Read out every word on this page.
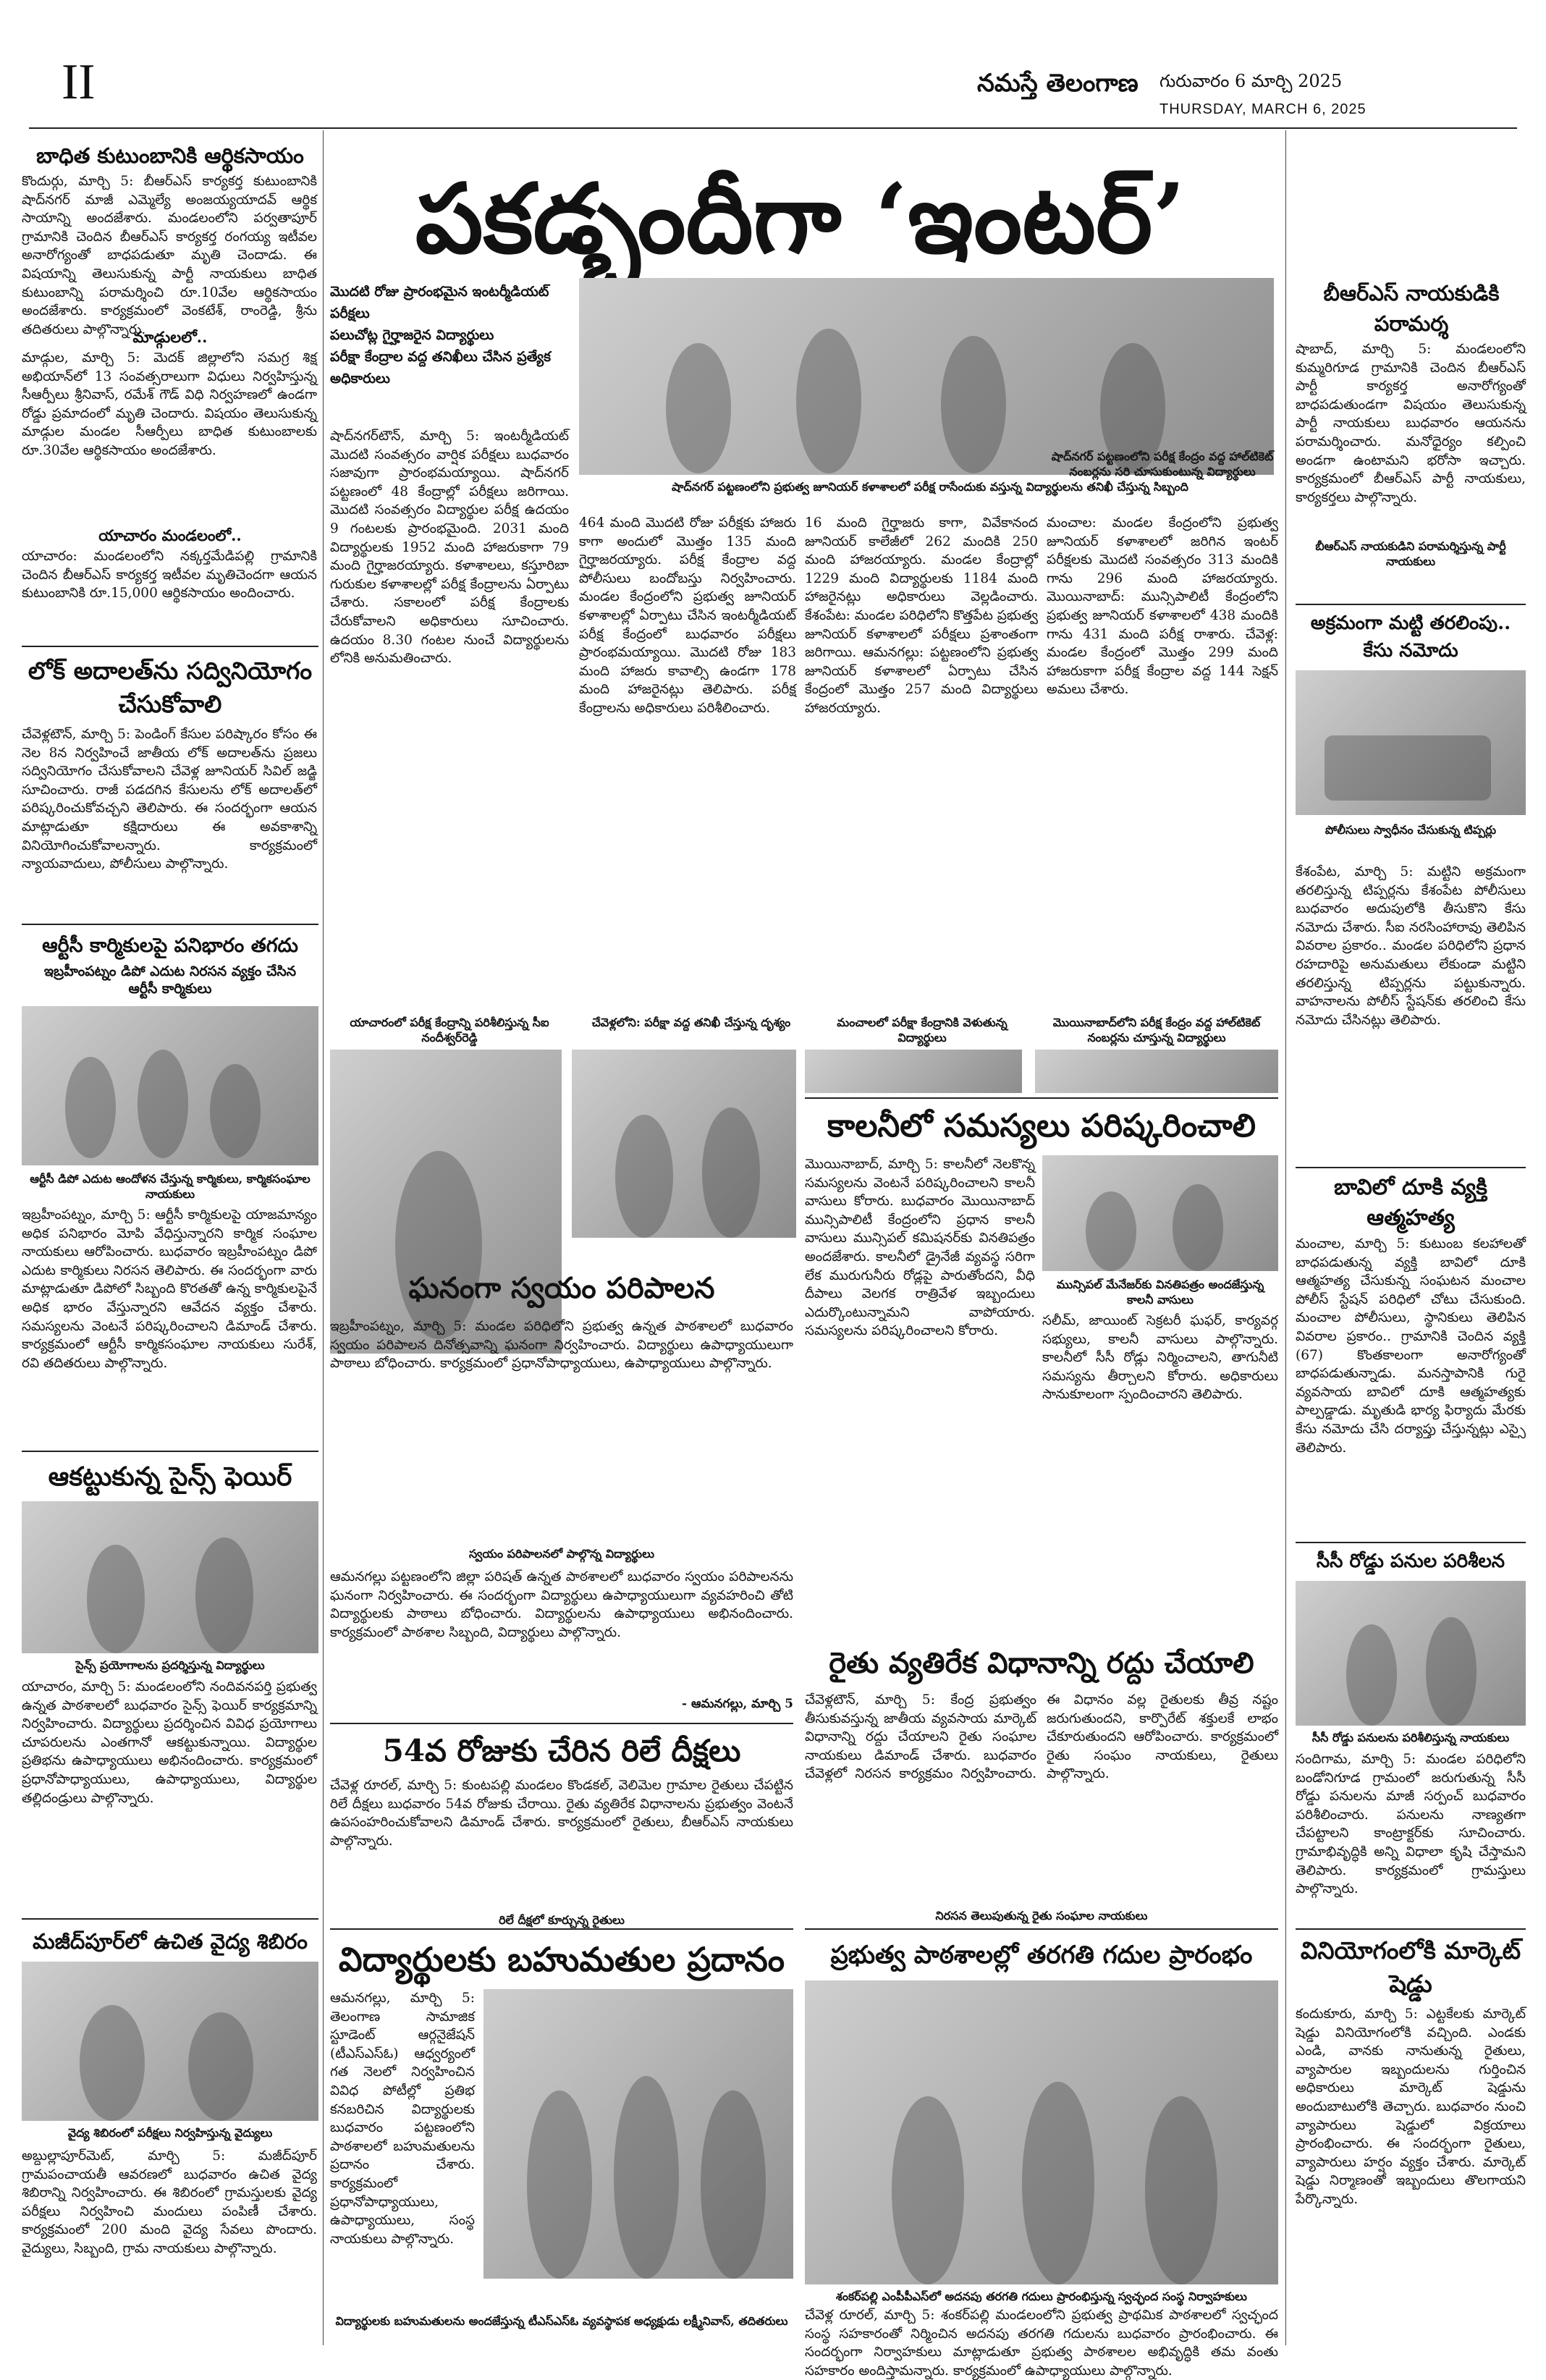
II	నమస్తే తెలంగాణ గురువారం 6 మార్చి 2025
THURSDAY, MARCH 6, 2025
బాధిత కుటుంబానికి ఆర్థికసాయం
కొందుర్గు, మార్చి 5: బీఆర్ఎస్ కార్యకర్త కుటుంబానికి షాద్‌నగర్ మాజీ ఎమ్మెల్యే అంజయ్యయాదవ్ ఆర్థిక సాయాన్ని అందజేశారు. మండలంలోని పర్వతాపూర్ గ్రామానికి చెందిన బీఆర్ఎస్ కార్యకర్త రంగయ్య ఇటీవల అనారోగ్యంతో బాధపడుతూ మృతి చెందాడు. ఈ విషయాన్ని తెలుసుకున్న పార్టీ నాయకులు బాధిత కుటుంబాన్ని పరామర్శించి రూ.10వేల ఆర్థికసాయం అందజేశారు. కార్యక్రమంలో వెంకటేశ్, రాంరెడ్డి, శ్రీను తదితరులు పాల్గొన్నారు.
మాడ్గులలో..
మాడ్గుల, మార్చి 5: మెదక్ జిల్లాలోని సమగ్ర శిక్ష అభియాన్‌లో 13 సంవత్సరాలుగా విధులు నిర్వహిస్తున్న సీఆర్పీలు శ్రీనివాస్, రమేశ్ గౌడ్ విధి నిర్వహణలో ఉండగా రోడ్డు ప్రమాదంలో మృతి చెందారు. విషయం తెలుసుకున్న మాడ్గుల మండల సీఆర్పీలు బాధిత కుటుంబాలకు రూ.30వేల ఆర్థికసాయం అందజేశారు.
యాచారం మండలంలో..
యాచారం: మండలంలోని నక్కర్తమేడిపల్లి గ్రామానికి చెందిన బీఆర్ఎస్ కార్యకర్త ఇటీవల మృతిచెందగా ఆయన కుటుంబానికి రూ.15,000 ఆర్థికసాయం అందించారు.
లోక్ అదాలత్‌ను సద్వినియోగం చేసుకోవాలి
చేవెళ్లటౌన్, మార్చి 5: పెండింగ్ కేసుల పరిష్కారం కోసం ఈ నెల 8న నిర్వహించే జాతీయ లోక్ అదాలత్‌ను ప్రజలు సద్వినియోగం చేసుకోవాలని చేవెళ్ల జూనియర్ సివిల్ జడ్జి సూచించారు. రాజీ పడదగిన కేసులను లోక్ అదాలత్‌లో పరిష్కరించుకోవచ్చని తెలిపారు. ఈ సందర్భంగా ఆయన మాట్లాడుతూ కక్షిదారులు ఈ అవకాశాన్ని వినియోగించుకోవాలన్నారు. కార్యక్రమంలో న్యాయవాదులు, పోలీసులు పాల్గొన్నారు.
ఆర్టీసీ కార్మికులపై పనిభారం తగదు
ఇబ్రహీంపట్నం డిపో ఎదుట నిరసన వ్యక్తం చేసిన ఆర్టీసీ కార్మికులు
ఆర్టీసీ డిపో ఎదుట ఆందోళన చేస్తున్న కార్మికులు, కార్మికసంఘాల నాయకులు
ఇబ్రహీంపట్నం, మార్చి 5: ఆర్టీసీ కార్మికులపై యాజమాన్యం అధిక పనిభారం మోపి వేధిస్తున్నారని కార్మిక సంఘాల నాయకులు ఆరోపించారు. బుధవారం ఇబ్రహీంపట్నం డిపో ఎదుట కార్మికులు నిరసన తెలిపారు. ఈ సందర్భంగా వారు మాట్లాడుతూ డిపోలో సిబ్బంది కొరతతో ఉన్న కార్మికులపైనే అధిక భారం వేస్తున్నారని ఆవేదన వ్యక్తం చేశారు. సమస్యలను వెంటనే పరిష్కరించాలని డిమాండ్ చేశారు. కార్యక్రమంలో ఆర్టీసీ కార్మికసంఘాల నాయకులు సురేశ్, రవి తదితరులు పాల్గొన్నారు.
ఆకట్టుకున్న సైన్స్ ఫెయిర్
సైన్స్ ప్రయోగాలను ప్రదర్శిస్తున్న విద్యార్థులు
యాచారం, మార్చి 5: మండలంలోని నందివనపర్తి ప్రభుత్వ ఉన్నత పాఠశాలలో బుధవారం సైన్స్ ఫెయిర్ కార్యక్రమాన్ని నిర్వహించారు. విద్యార్థులు ప్రదర్శించిన వివిధ ప్రయోగాలు చూపరులను ఎంతగానో ఆకట్టుకున్నాయి. విద్యార్థుల ప్రతిభను ఉపాధ్యాయులు అభినందించారు. కార్యక్రమంలో ప్రధానోపాధ్యాయులు, ఉపాధ్యాయులు, విద్యార్థుల తల్లిదండ్రులు పాల్గొన్నారు.
మజీద్‌పూర్‌లో ఉచిత వైద్య శిబిరం
వైద్య శిబిరంలో పరీక్షలు నిర్వహిస్తున్న వైద్యులు
అబ్దుల్లాపూర్‌మెట్, మార్చి 5: మజీద్‌పూర్ గ్రామపంచాయతీ ఆవరణలో బుధవారం ఉచిత వైద్య శిబిరాన్ని నిర్వహించారు. ఈ శిబిరంలో గ్రామస్తులకు వైద్య పరీక్షలు నిర్వహించి మందులు పంపిణీ చేశారు. కార్యక్రమంలో 200 మంది వైద్య సేవలు పొందారు. వైద్యులు, సిబ్బంది, గ్రామ నాయకులు పాల్గొన్నారు.
పకడ్బందీగా ‘ఇంటర్’
మొదటి రోజు ప్రారంభమైన ఇంటర్మీడియట్ పరీక్షలు
పలుచోట్ల గైర్హాజరైన విద్యార్థులు
పరీక్షా కేంద్రాల వద్ద తనిఖీలు చేసిన ప్రత్యేక అధికారులు
షాద్‌నగర్ పట్టణంలోని ప్రభుత్వ జూనియర్ కళాశాలలో పరీక్ష రాసేందుకు వస్తున్న విద్యార్థులను తనిఖీ చేస్తున్న సిబ్బంది
షాద్‌నగర్‌టౌన్, మార్చి 5: ఇంటర్మీడియట్ మొదటి సంవత్సరం వార్షిక పరీక్షలు బుధవారం సజావుగా ప్రారంభమయ్యాయి. షాద్‌నగర్ పట్టణంలో 48 కేంద్రాల్లో పరీక్షలు జరిగాయి. మొదటి సంవత్సరం విద్యార్థుల పరీక్ష ఉదయం 9 గంటలకు ప్రారంభమైంది. 2031 మంది విద్యార్థులకు 1952 మంది హాజరుకాగా 79 మంది గైర్హాజరయ్యారు. కళాశాలలు, కస్తూరిబా గురుకుల కళాశాలల్లో పరీక్ష కేంద్రాలను ఏర్పాటు చేశారు. సకాలంలో పరీక్ష కేంద్రాలకు చేరుకోవాలని అధికారులు సూచించారు. ఉదయం 8.30 గంటల నుంచే విద్యార్థులను లోనికి అనుమతించారు.
464 మంది మొదటి రోజు పరీక్షకు హాజరు కాగా అందులో మొత్తం 135 మంది గైర్హాజరయ్యారు. పరీక్ష కేంద్రాల వద్ద పోలీసులు బందోబస్తు నిర్వహించారు. మండల కేంద్రంలోని ప్రభుత్వ జూనియర్ కళాశాలల్లో ఏర్పాటు చేసిన ఇంటర్మీడియట్ పరీక్ష కేంద్రంలో బుధవారం పరీక్షలు ప్రారంభమయ్యాయి. మొదటి రోజు 183 మంది హాజరు కావాల్సి ఉండగా 178 మంది హాజరైనట్లు తెలిపారు. పరీక్ష కేంద్రాలను అధికారులు పరిశీలించారు.
16 మంది గైర్హాజరు కాగా, వివేకానంద జూనియర్ కాలేజీలో 262 మందికి 250 మంది హాజరయ్యారు. మండల కేంద్రాల్లో 1229 మంది విద్యార్థులకు 1184 మంది హాజరైనట్లు అధికారులు వెల్లడించారు. కేశంపేట: మండల పరిధిలోని కొత్తపేట ప్రభుత్వ జూనియర్ కళాశాలలో పరీక్షలు ప్రశాంతంగా జరిగాయి. ఆమనగల్లు: పట్టణంలోని ప్రభుత్వ జూనియర్ కళాశాలలో ఏర్పాటు చేసిన కేంద్రంలో మొత్తం 257 మంది విద్యార్థులు హాజరయ్యారు.
షాద్‌నగర్ పట్టణంలోని పరీక్ష కేంద్రం వద్ద హాల్‌టికెట్ నంబర్లను సరి చూసుకుంటున్న విద్యార్థులు
మంచాల: మండల కేంద్రంలోని ప్రభుత్వ జూనియర్ కళాశాలలో జరిగిన ఇంటర్ పరీక్షలకు మొదటి సంవత్సరం 313 మందికి గాను 296 మంది హాజరయ్యారు. మొయినాబాద్: మున్సిపాలిటీ కేంద్రంలోని ప్రభుత్వ జూనియర్ కళాశాలలో 438 మందికి గాను 431 మంది పరీక్ష రాశారు. చేవెళ్ల: మండల కేంద్రంలో మొత్తం 299 మంది హాజరుకాగా పరీక్ష కేంద్రాల వద్ద 144 సెక్షన్ అమలు చేశారు.
యాచారంలో పరీక్ష కేంద్రాన్ని పరిశీలిస్తున్న సీఐ నందీశ్వర్‌రెడ్డి
చేవెళ్లలోని: పరీక్షా వద్ద తనిఖీ చేస్తున్న దృశ్యం	మంచాలలో పరీక్షా కేంద్రానికి వెళుతున్న విద్యార్థులు
మొయినాబాద్‌లోని పరీక్ష కేంద్రం వద్ద హాల్‌టికెట్ నంబర్లను చూస్తున్న విద్యార్థులు
కాలనీలో సమస్యలు పరిష్కరించాలి
మొయినాబాద్, మార్చి 5: కాలనీలో నెలకొన్న సమస్యలను వెంటనే పరిష్కరించాలని కాలనీ వాసులు కోరారు. బుధవారం మొయినాబాద్ మున్సిపాలిటీ కేంద్రంలోని ప్రధాన కాలనీ వాసులు మున్సిపల్ కమిషనర్‌కు వినతిపత్రం అందజేశారు. కాలనీలో డ్రైనేజీ వ్యవస్థ సరిగా లేక మురుగునీరు రోడ్లపై పారుతోందని, వీధి దీపాలు వెలగక రాత్రివేళ ఇబ్బందులు ఎదుర్కొంటున్నామని వాపోయారు. సమస్యలను పరిష్కరించాలని కోరారు.
మున్సిపల్ మేనేజర్‌కు వినతిపత్రం అందజేస్తున్న కాలనీ వాసులు
సలీమ్, జాయింట్ సెక్రటరీ ఘఫర్, కార్యవర్గ సభ్యులు, కాలనీ వాసులు పాల్గొన్నారు. కాలనీలో సీసీ రోడ్లు నిర్మించాలని, తాగునీటి సమస్యను తీర్చాలని కోరారు. అధికారులు సానుకూలంగా స్పందించారని తెలిపారు.
ఘనంగా స్వయం పరిపాలన
ఇబ్రహీంపట్నం, మార్చి 5: మండల పరిధిలోని ప్రభుత్వ ఉన్నత పాఠశాలలో బుధవారం స్వయం పరిపాలన దినోత్సవాన్ని ఘనంగా నిర్వహించారు. విద్యార్థులు ఉపాధ్యాయులుగా పాఠాలు బోధించారు. కార్యక్రమంలో ప్రధానోపాధ్యాయులు, ఉపాధ్యాయులు పాల్గొన్నారు.
స్వయం పరిపాలనలో పాల్గొన్న విద్యార్థులు
ఆమనగల్లు పట్టణంలోని జిల్లా పరిషత్ ఉన్నత పాఠశాలలో బుధవారం స్వయం పరిపాలనను ఘనంగా నిర్వహించారు. ఈ సందర్భంగా విద్యార్థులు ఉపాధ్యాయులుగా వ్యవహరించి తోటి విద్యార్థులకు పాఠాలు బోధించారు. విద్యార్థులను ఉపాధ్యాయులు అభినందించారు. కార్యక్రమంలో పాఠశాల సిబ్బంది, విద్యార్థులు పాల్గొన్నారు.
- ఆమనగల్లు, మార్చి 5
54వ రోజుకు చేరిన రిలే దీక్షలు
చేవెళ్ల రూరల్, మార్చి 5: కుంటపల్లి మండలం కొండకల్, వెలిమెల గ్రామాల రైతులు చేపట్టిన రిలే దీక్షలు బుధవారం 54వ రోజుకు చేరాయి. రైతు వ్యతిరేక విధానాలను ప్రభుత్వం వెంటనే ఉపసంహరించుకోవాలని డిమాండ్ చేశారు. కార్యక్రమంలో రైతులు, బీఆర్ఎస్ నాయకులు పాల్గొన్నారు.
రిలే దీక్షలో కూర్చున్న రైతులు
రైతు వ్యతిరేక విధానాన్ని రద్దు చేయాలి
చేవెళ్లటౌన్, మార్చి 5: కేంద్ర ప్రభుత్వం తీసుకువస్తున్న జాతీయ వ్యవసాయ మార్కెట్ విధానాన్ని రద్దు చేయాలని రైతు సంఘాల నాయకులు డిమాండ్ చేశారు. బుధవారం చేవెళ్లలో నిరసన కార్యక్రమం నిర్వహించారు. ఈ విధానం వల్ల రైతులకు తీవ్ర నష్టం జరుగుతుందని, కార్పొరేట్ శక్తులకే లాభం చేకూరుతుందని ఆరోపించారు. కార్యక్రమంలో రైతు సంఘం నాయకులు, రైతులు పాల్గొన్నారు.
నిరసన తెలుపుతున్న రైతు సంఘాల నాయకులు
విద్యార్థులకు బహుమతుల ప్రదానం
ఆమనగల్లు, మార్చి 5: తెలంగాణ సామాజిక స్టూడెంట్ ఆర్గనైజేషన్ (టీఎస్ఎస్ఓ) ఆధ్వర్యంలో గత నెలలో నిర్వహించిన వివిధ పోటీల్లో ప్రతిభ కనబరిచిన విద్యార్థులకు బుధవారం పట్టణంలోని పాఠశాలలో బహుమతులను ప్రదానం చేశారు. కార్యక్రమంలో ప్రధానోపాధ్యాయులు, ఉపాధ్యాయులు, సంస్థ నాయకులు పాల్గొన్నారు.
విద్యార్థులకు బహుమతులను అందజేస్తున్న టీఎస్ఎస్ఓ వ్యవస్థాపక అధ్యక్షుడు లక్ష్మీనివాస్, తదితరులు
ప్రభుత్వ పాఠశాలల్లో తరగతి గదుల ప్రారంభం
శంకర్‌పల్లి ఎంపీపీఎస్‌లో అదనపు తరగతి గదులు ప్రారంభిస్తున్న స్వచ్ఛంద సంస్థ నిర్వాహకులు
చేవెళ్ల రూరల్, మార్చి 5: శంకర్‌పల్లి మండలంలోని ప్రభుత్వ ప్రాథమిక పాఠశాలలో స్వచ్ఛంద సంస్థ సహకారంతో నిర్మించిన అదనపు తరగతి గదులను బుధవారం ప్రారంభించారు. ఈ సందర్భంగా నిర్వాహకులు మాట్లాడుతూ ప్రభుత్వ పాఠశాలల అభివృద్ధికి తమ వంతు సహకారం అందిస్తామన్నారు. కార్యక్రమంలో ఉపాధ్యాయులు పాల్గొన్నారు.
బీఆర్ఎస్ నాయకుడికి పరామర్శ
షాబాద్, మార్చి 5: మండలంలోని కుమ్మరిగూడ గ్రామానికి చెందిన బీఆర్ఎస్ పార్టీ కార్యకర్త అనారోగ్యంతో బాధపడుతుండగా విషయం తెలుసుకున్న పార్టీ నాయకులు బుధవారం ఆయనను పరామర్శించారు. మనోధైర్యం కల్పించి అండగా ఉంటామని భరోసా ఇచ్చారు. కార్యక్రమంలో బీఆర్ఎస్ పార్టీ నాయకులు, కార్యకర్తలు పాల్గొన్నారు.
బీఆర్ఎస్ నాయకుడిని పరామర్శిస్తున్న పార్టీ నాయకులు
అక్రమంగా మట్టి తరలింపు.. కేసు నమోదు
పోలీసులు స్వాధీనం చేసుకున్న టిప్పర్లు
కేశంపేట, మార్చి 5: మట్టిని అక్రమంగా తరలిస్తున్న టిప్పర్లను కేశంపేట పోలీసులు బుధవారం అదుపులోకి తీసుకొని కేసు నమోదు చేశారు. సీఐ నరసింహారావు తెలిపిన వివరాల ప్రకారం.. మండల పరిధిలోని ప్రధాన రహదారిపై అనుమతులు లేకుండా మట్టిని తరలిస్తున్న టిప్పర్లను పట్టుకున్నారు. వాహనాలను పోలీస్ స్టేషన్‌కు తరలించి కేసు నమోదు చేసినట్లు తెలిపారు.
బావిలో దూకి వ్యక్తి ఆత్మహత్య
మంచాల, మార్చి 5: కుటుంబ కలహాలతో బాధపడుతున్న వ్యక్తి బావిలో దూకి ఆత్మహత్య చేసుకున్న సంఘటన మంచాల పోలీస్ స్టేషన్ పరిధిలో చోటు చేసుకుంది. మంచాల పోలీసులు, స్థానికులు తెలిపిన వివరాల ప్రకారం.. గ్రామానికి చెందిన వ్యక్తి (67) కొంతకాలంగా అనారోగ్యంతో బాధపడుతున్నాడు. మనస్తాపానికి గురై వ్యవసాయ బావిలో దూకి ఆత్మహత్యకు పాల్పడ్డాడు. మృతుడి భార్య ఫిర్యాదు మేరకు కేసు నమోదు చేసి దర్యాప్తు చేస్తున్నట్లు ఎస్సై తెలిపారు.
సీసీ రోడ్డు పనుల పరిశీలన
సీసీ రోడ్డు పనులను పరిశీలిస్తున్న నాయకులు
సందిగామ, మార్చి 5: మండల పరిధిలోని బండోనిగూడ గ్రామంలో జరుగుతున్న సీసీ రోడ్డు పనులను మాజీ సర్పంచ్ బుధవారం పరిశీలించారు. పనులను నాణ్యతగా చేపట్టాలని కాంట్రాక్టర్‌కు సూచించారు. గ్రామాభివృద్ధికి అన్ని విధాలా కృషి చేస్తామని తెలిపారు. కార్యక్రమంలో గ్రామస్తులు పాల్గొన్నారు.
వినియోగంలోకి మార్కెట్ షెడ్డు
కందుకూరు, మార్చి 5: ఎట్టకేలకు మార్కెట్ షెడ్డు వినియోగంలోకి వచ్చింది. ఎండకు ఎండి, వానకు నానుతున్న రైతులు, వ్యాపారుల ఇబ్బందులను గుర్తించిన అధికారులు మార్కెట్ షెడ్డును అందుబాటులోకి తెచ్చారు. బుధవారం నుంచి వ్యాపారులు షెడ్డులో విక్రయాలు ప్రారంభించారు. ఈ సందర్భంగా రైతులు, వ్యాపారులు హర్షం వ్యక్తం చేశారు. మార్కెట్ షెడ్డు నిర్మాణంతో ఇబ్బందులు తొలగాయని పేర్కొన్నారు.
